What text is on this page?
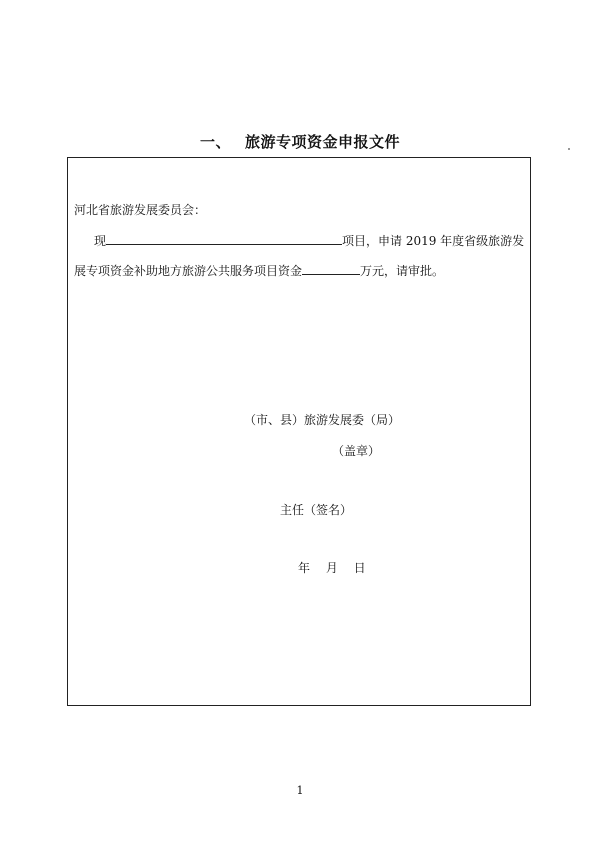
一、 旅游专项资金申报文件
河北省旅游发展委员会：
现	项目，申请 2019 年度省级旅游发
展专项资金补助地方旅游公共服务项目资金	万元，请审批。
（市、县）旅游发展委（局）
（盖章）
主任（签名）
年　 月　 日
1
